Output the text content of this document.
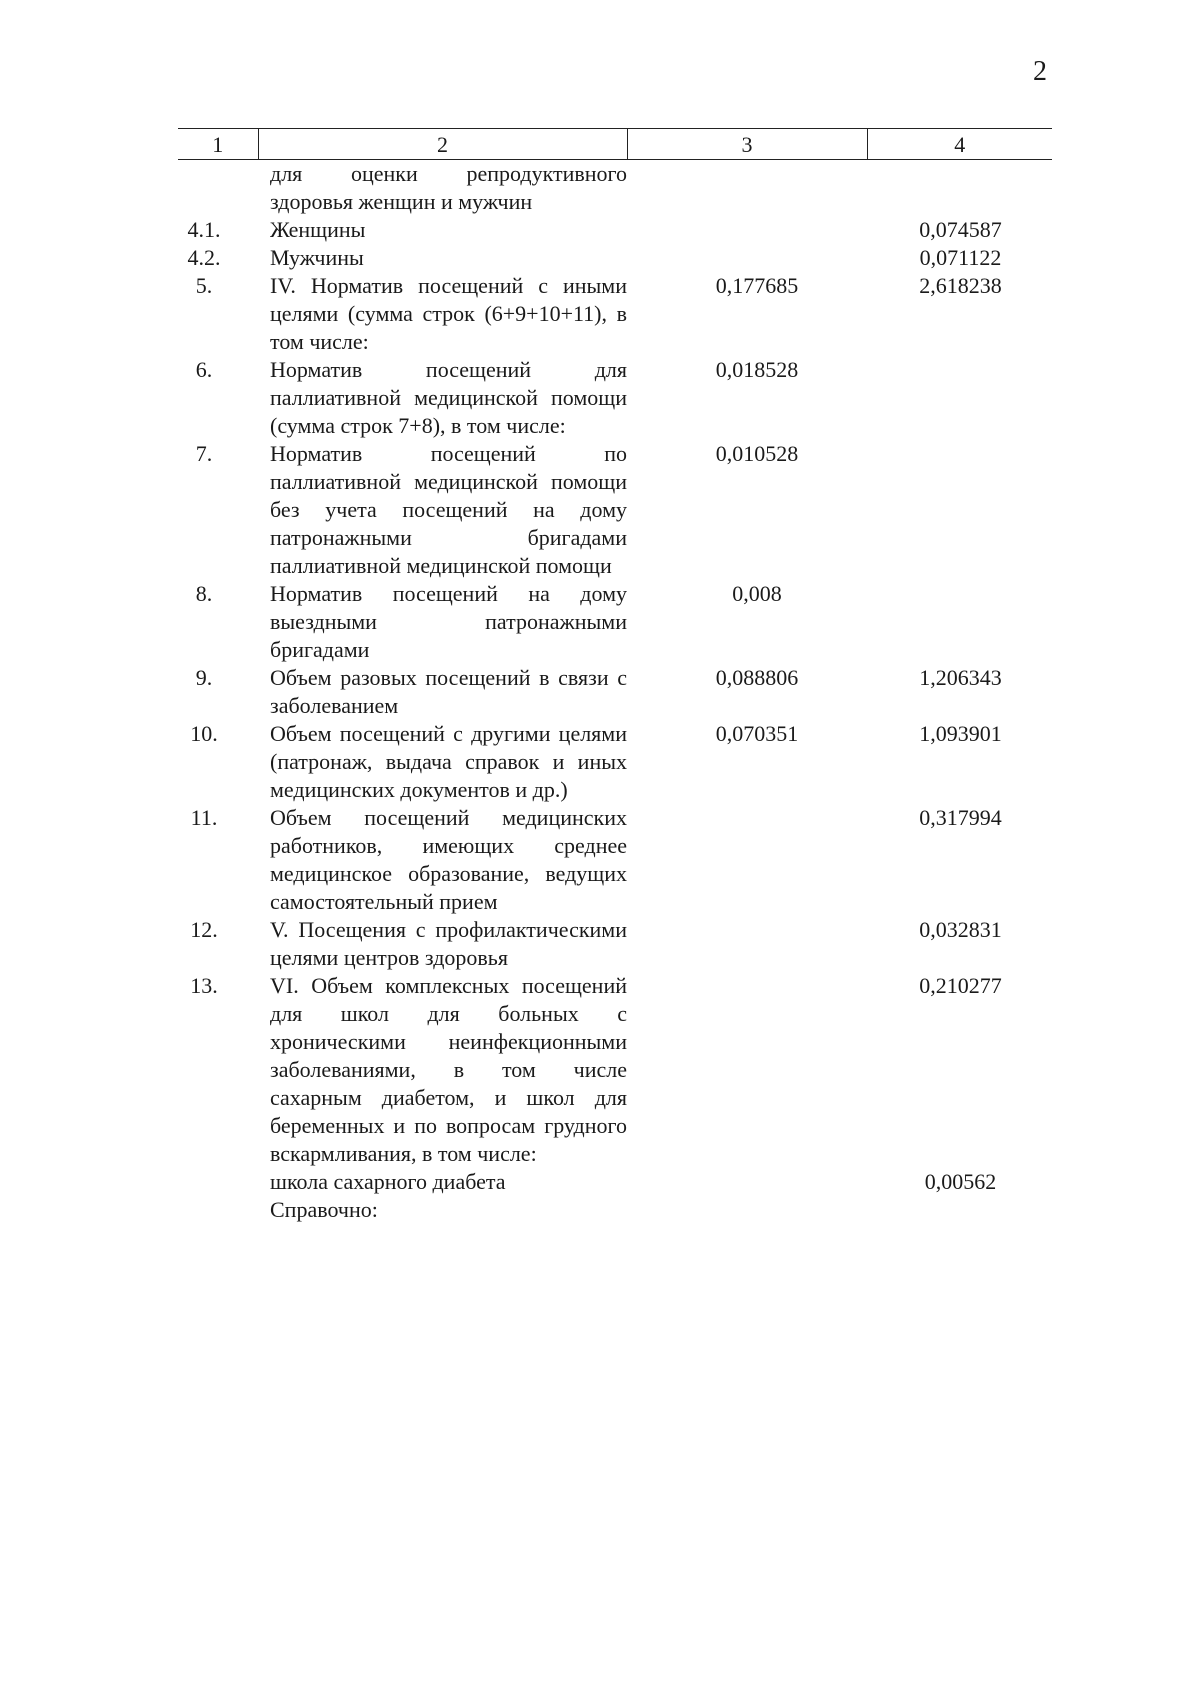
2
1	2	3	4
	для оценки репродуктивного здоровья женщин и мужчин		
4.1.	Женщины		0,074587
4.2.	Мужчины		0,071122
5.	IV. Норматив посещений с иными целями (сумма строк (6+9+10+11), в том числе:	0,177685	2,618238
6.	Норматив посещений для паллиативной медицинской помощи (сумма строк 7+8), в том числе:	0,018528	
7.	Норматив посещений по паллиативной медицинской помощи без учета посещений на дому патронажными бригадами паллиативной медицинской помощи	0,010528	
8.	Норматив посещений на дому выездными патронажными бригадами	0,008	
9.	Объем разовых посещений в связи с заболеванием	0,088806	1,206343
10.	Объем посещений с другими целями (патронаж, выдача справок и иных медицинских документов и др.)	0,070351	1,093901
11.	Объем посещений медицинских работников, имеющих среднее медицинское образование, ведущих самостоятельный прием		0,317994
12.	V. Посещения с профилактическими целями центров здоровья		0,032831
13.	VI. Объем комплексных посещений для школ для больных с хроническими неинфекционными заболеваниями, в том числе сахарным диабетом, и школ для беременных и по вопросам грудного вскармливания, в том числе:		0,210277
	школа сахарного диабета		0,00562
	Справочно:		
